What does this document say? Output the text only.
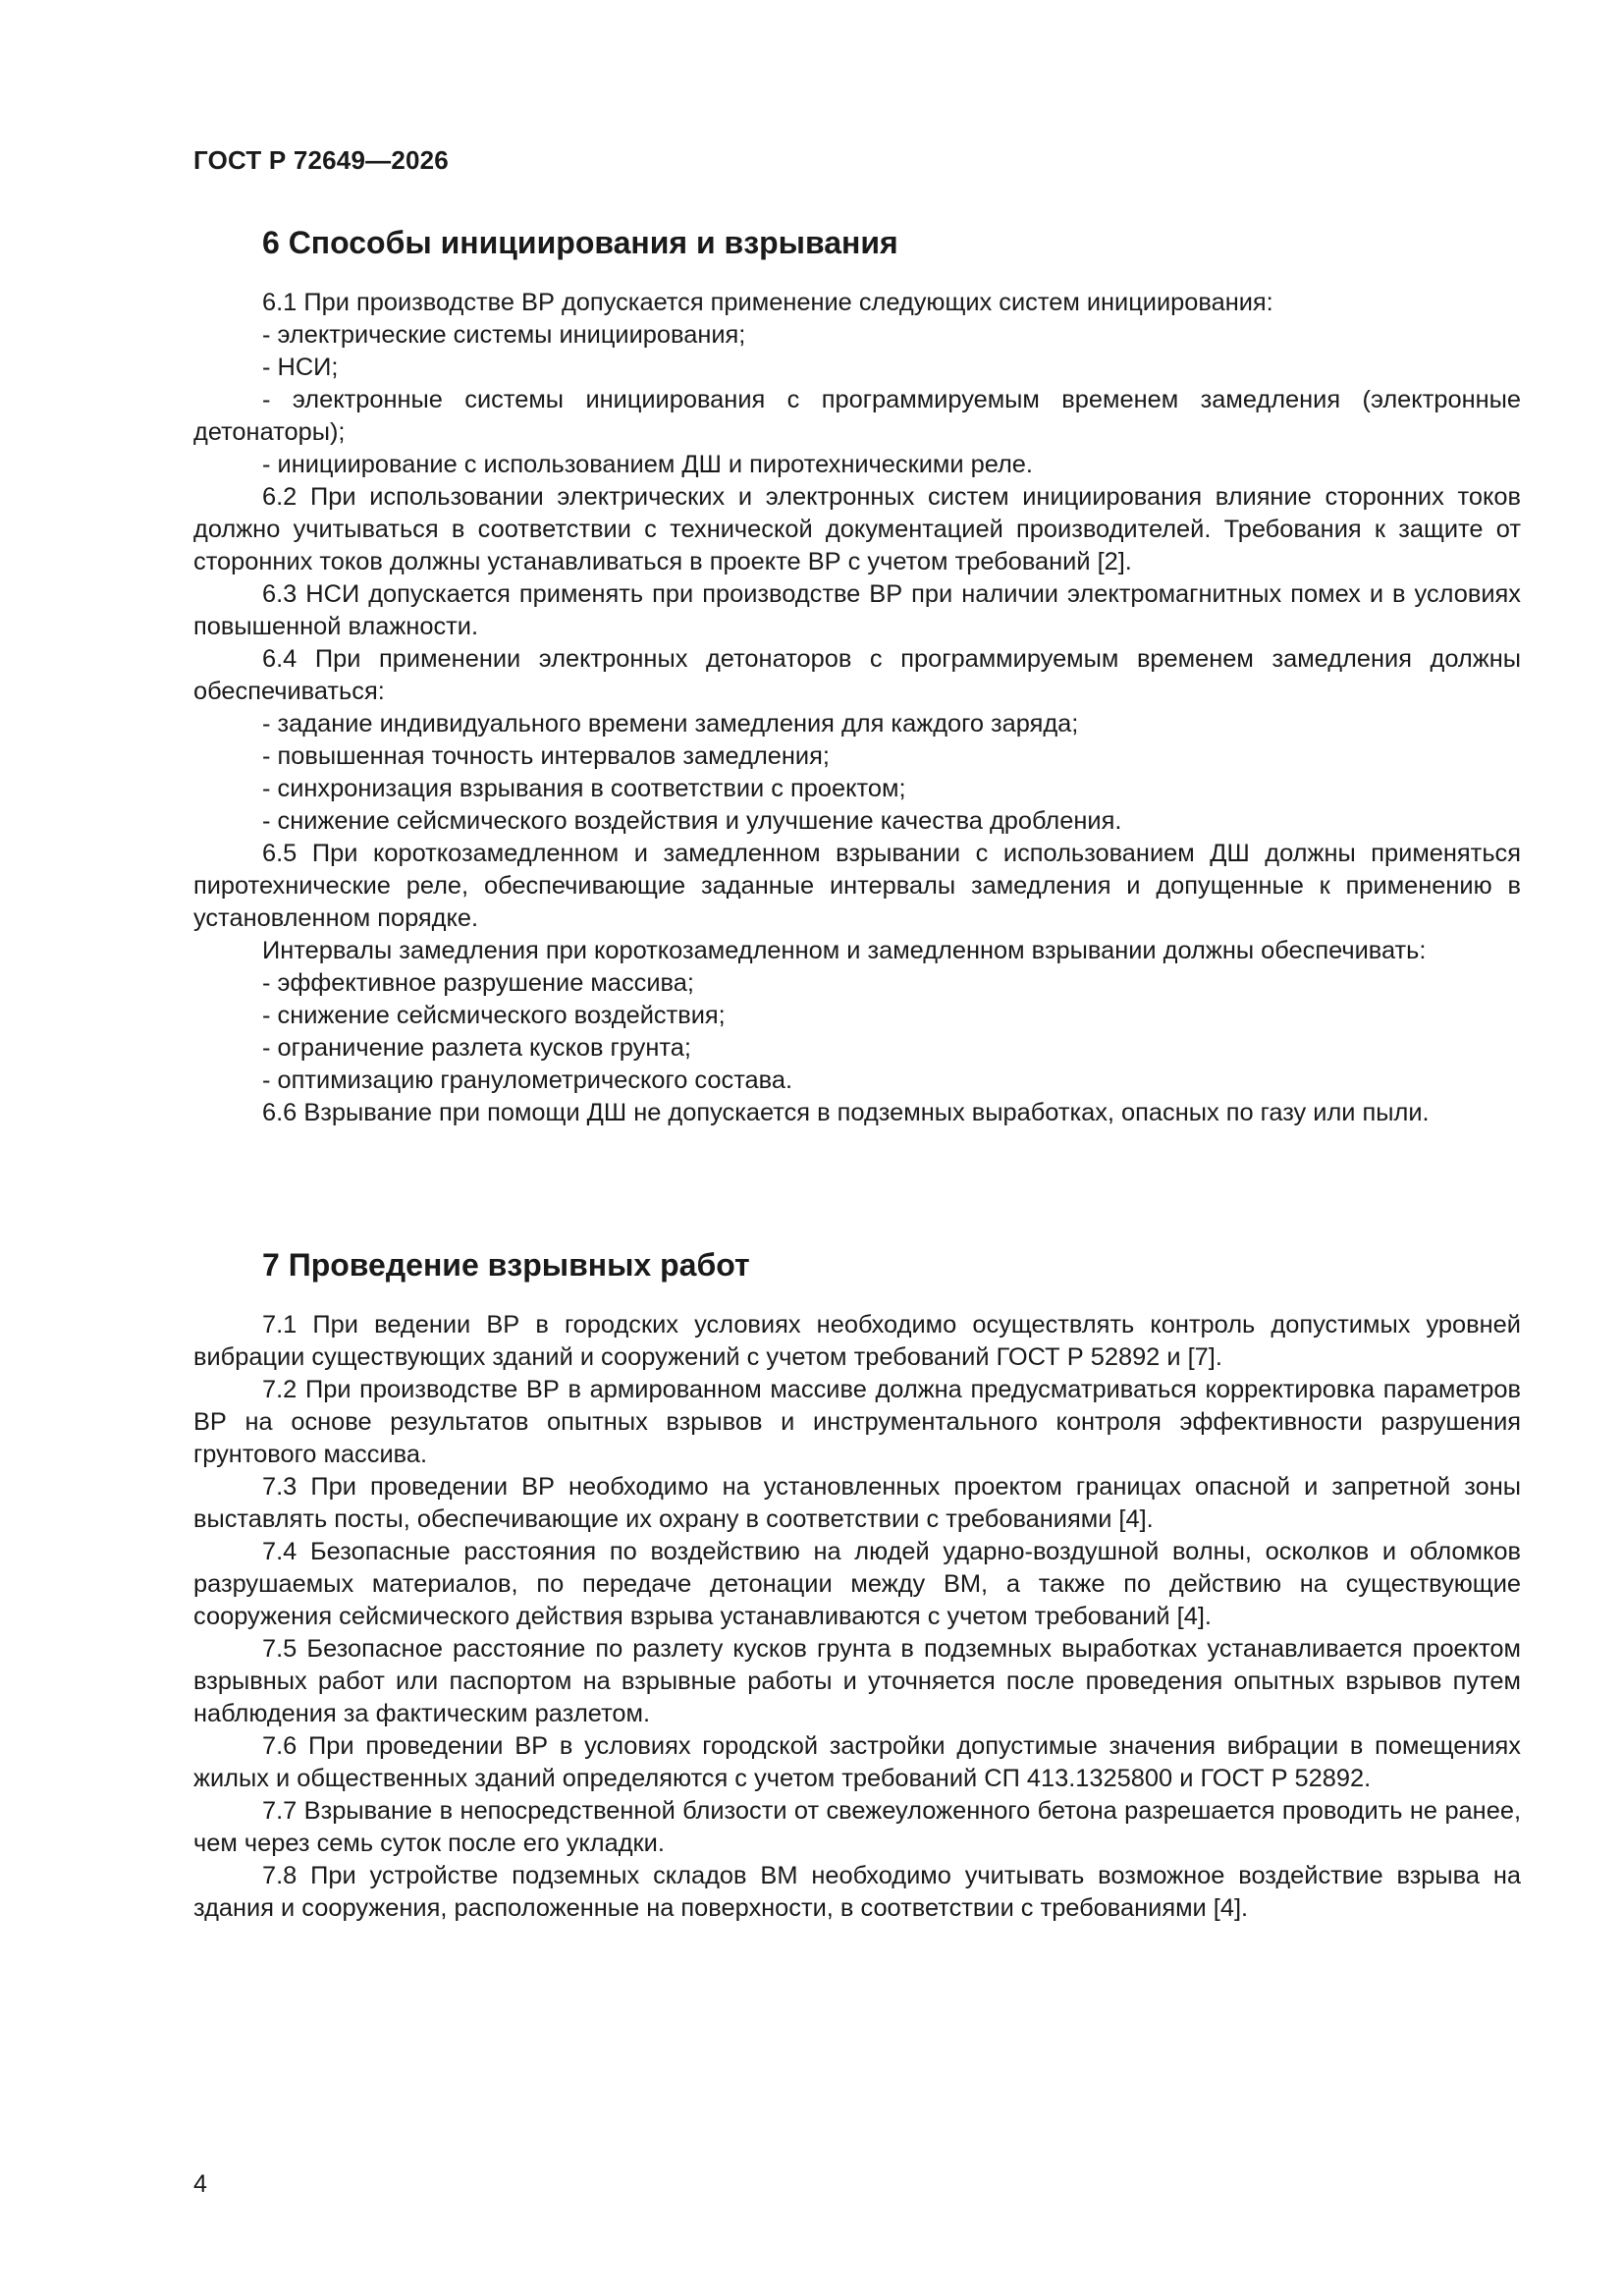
ГОСТ Р 72649—2026
6 Способы инициирования и взрывания

6.1 При производстве ВР допускается применение следующих систем инициирования:

- электрические системы инициирования;

- НСИ;

- электронные системы инициирования с программируемым временем замедления (электронные детонаторы);

- инициирование с использованием ДШ и пиротехническими реле.

6.2 При использовании электрических и электронных систем инициирования влияние сторонних токов должно учитываться в соответствии с технической документацией производителей. Требования к защите от сторонних токов должны устанавливаться в проекте ВР с учетом требований [2].

6.3 НСИ допускается применять при производстве ВР при наличии электромагнитных помех и в условиях повышенной влажности.

6.4 При применении электронных детонаторов с программируемым временем замедления должны обеспечиваться:

- задание индивидуального времени замедления для каждого заряда;

- повышенная точность интервалов замедления;

- синхронизация взрывания в соответствии с проектом;

- снижение сейсмического воздействия и улучшение качества дробления.

6.5 При короткозамедленном и замедленном взрывании с использованием ДШ должны применяться пиротехнические реле, обеспечивающие заданные интервалы замедления и допущенные к применению в установленном порядке.

Интервалы замедления при короткозамедленном и замедленном взрывании должны обеспечивать:

- эффективное разрушение массива;

- снижение сейсмического воздействия;

- ограничение разлета кусков грунта;

- оптимизацию гранулометрического состава.

6.6 Взрывание при помощи ДШ не допускается в подземных выработках, опасных по газу или пыли.

7 Проведение взрывных работ

7.1 При ведении ВР в городских условиях необходимо осуществлять контроль допустимых уровней вибрации существующих зданий и сооружений с учетом требований ГОСТ Р 52892 и [7].

7.2 При производстве ВР в армированном массиве должна предусматриваться корректировка параметров ВР на основе результатов опытных взрывов и инструментального контроля эффективности разрушения грунтового массива.

7.3 При проведении ВР необходимо на установленных проектом границах опасной и запретной зоны выставлять посты, обеспечивающие их охрану в соответствии с требованиями [4].

7.4 Безопасные расстояния по воздействию на людей ударно-воздушной волны, осколков и обломков разрушаемых материалов, по передаче детонации между ВМ, а также по действию на существующие сооружения сейсмического действия взрыва устанавливаются с учетом требований [4].

7.5 Безопасное расстояние по разлету кусков грунта в подземных выработках устанавливается проектом взрывных работ или паспортом на взрывные работы и уточняется после проведения опытных взрывов путем наблюдения за фактическим разлетом.

7.6 При проведении ВР в условиях городской застройки допустимые значения вибрации в помещениях жилых и общественных зданий определяются с учетом требований СП 413.1325800 и ГОСТ Р 52892.

7.7 Взрывание в непосредственной близости от свежеуложенного бетона разрешается проводить не ранее, чем через семь суток после его укладки.

7.8 При устройстве подземных складов ВМ необходимо учитывать возможное воздействие взрыва на здания и сооружения, расположенные на поверхности, в соответствии с требованиями [4].

4
